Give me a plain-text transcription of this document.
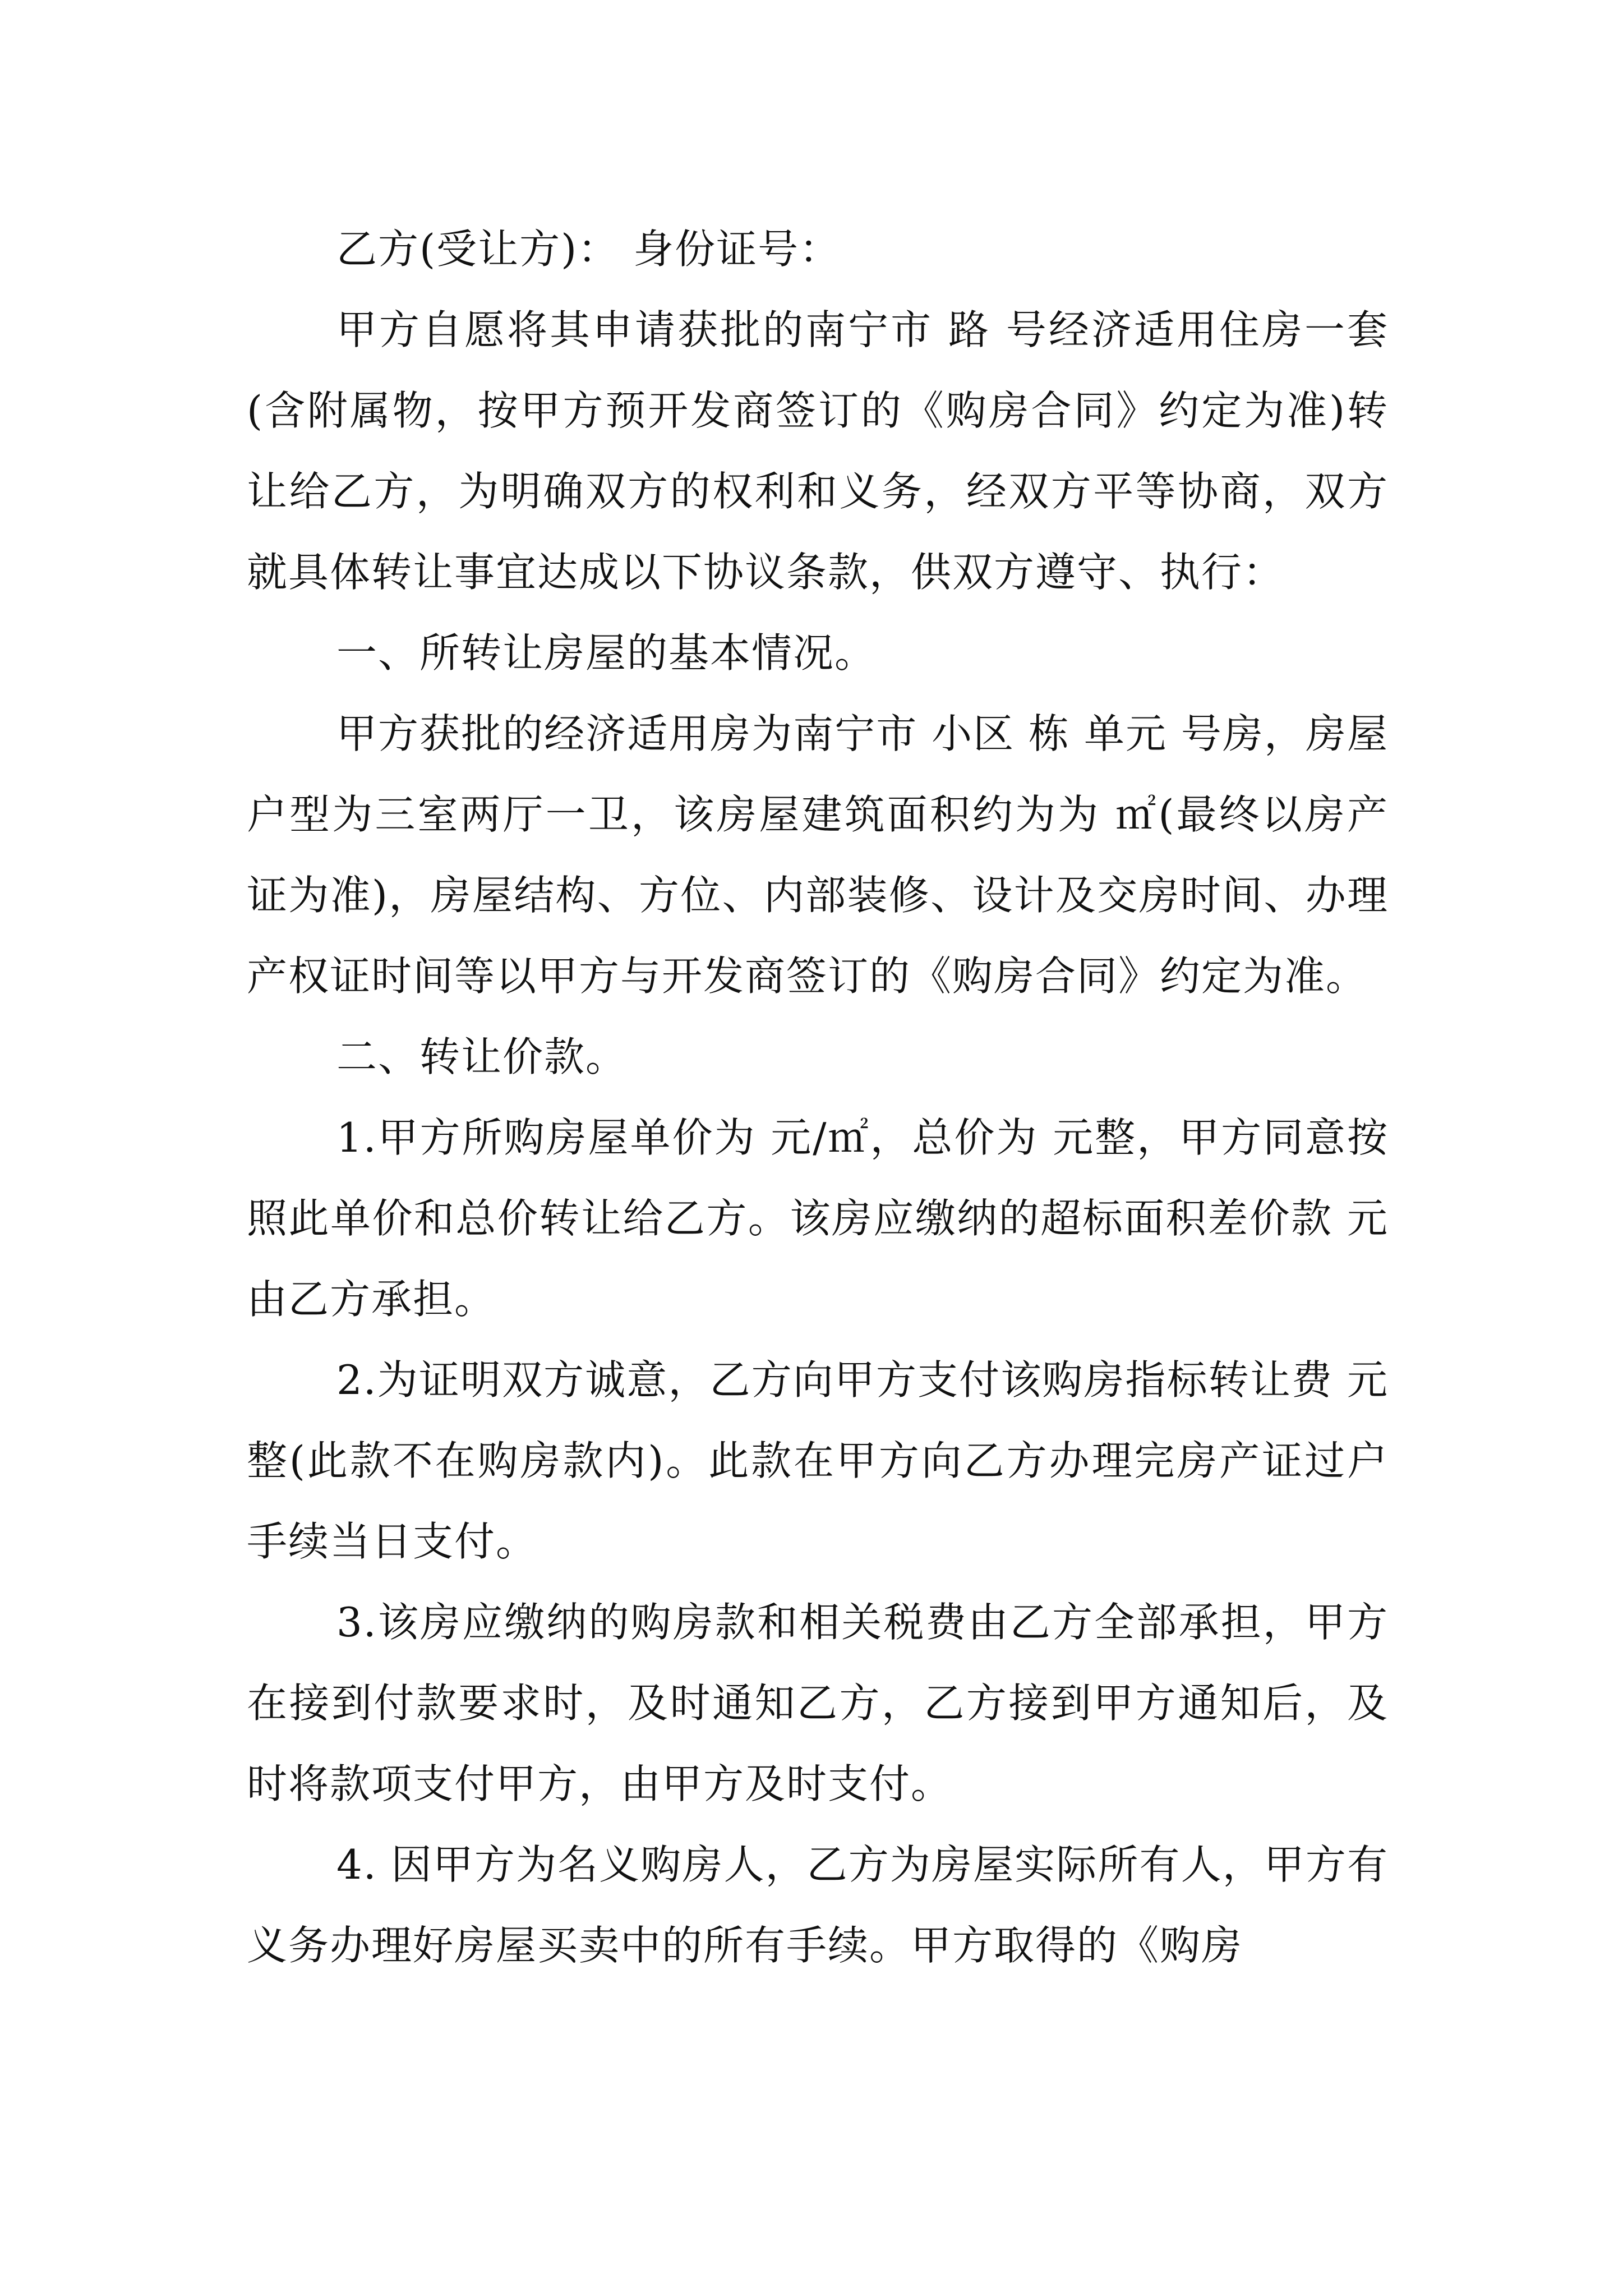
乙方(受让方)： 身份证号：

甲方自愿将其申请获批的南宁市 路 号经济适用住房一套(含附属物，按甲方预开发商签订的《购房合同》约定为准)转让给乙方，为明确双方的权利和义务，经双方平等协商，双方就具体转让事宜达成以下协议条款，供双方遵守、执行：

一、所转让房屋的基本情况。

甲方获批的经济适用房为南宁市 小区 栋 单元 号房，房屋户型为三室两厅一卫，该房屋建筑面积约为为 ㎡(最终以房产证为准)，房屋结构、方位、内部装修、设计及交房时间、办理产权证时间等以甲方与开发商签订的《购房合同》约定为准。

二、转让价款。

1.甲方所购房屋单价为 元/㎡，总价为 元整，甲方同意按照此单价和总价转让给乙方。该房应缴纳的超标面积差价款 元由乙方承担。

2.为证明双方诚意，乙方向甲方支付该购房指标转让费 元整(此款不在购房款内)。此款在甲方向乙方办理完房产证过户手续当日支付。

3.该房应缴纳的购房款和相关税费由乙方全部承担，甲方在接到付款要求时，及时通知乙方，乙方接到甲方通知后，及时将款项支付甲方，由甲方及时支付。

4. 因甲方为名义购房人，乙方为房屋实际所有人，甲方有义务办理好房屋买卖中的所有手续。甲方取得的《购房
